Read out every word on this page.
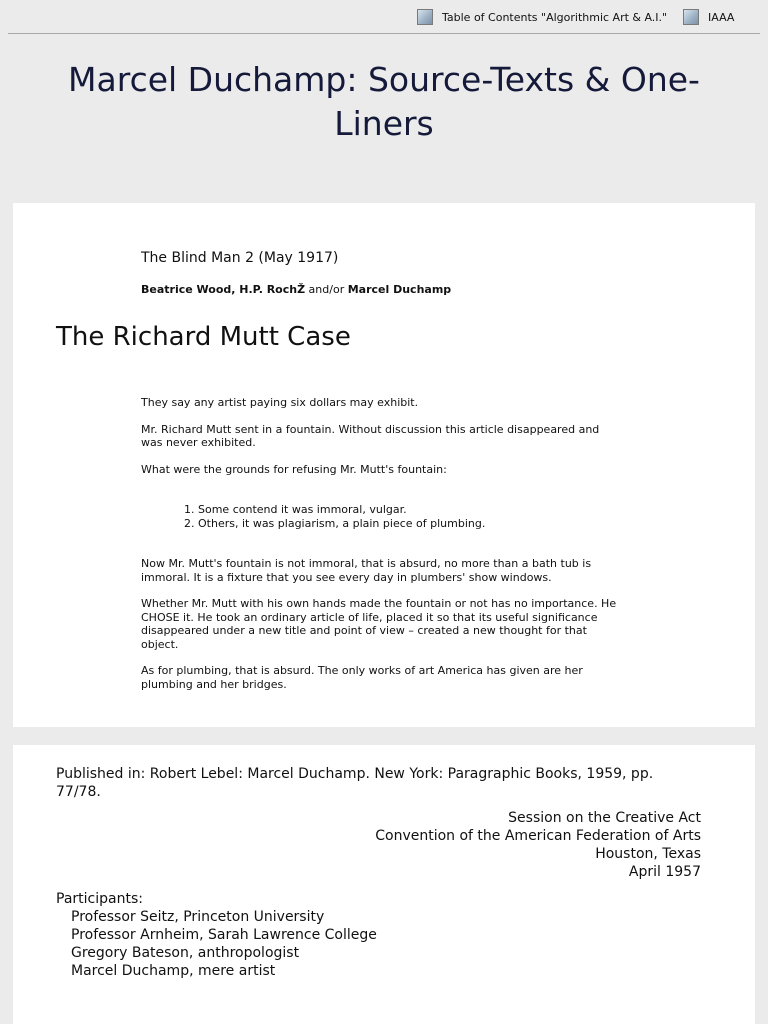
Table of Contents "Algorithmic Art & A.I."	IAAA
Marcel Duchamp: Source-Texts & One-Liners
The Blind Man 2 (May 1917)
Beatrice Wood, H.P. RochŽ and/or Marcel Duchamp
The Richard Mutt Case

They say any artist paying six dollars may exhibit.

Mr. Richard Mutt sent in a fountain. Without discussion this article disappeared and was never exhibited.

What were the grounds for refusing Mr. Mutt's fountain:

1. Some contend it was immoral, vulgar.
2. Others, it was plagiarism, a plain piece of plumbing.

Now Mr. Mutt's fountain is not immoral, that is absurd, no more than a bath tub is immoral. It is a fixture that you see every day in plumbers' show windows.

Whether Mr. Mutt with his own hands made the fountain or not has no importance. He CHOSE it. He took an ordinary article of life, placed it so that its useful significance disappeared under a new title and point of view – created a new thought for that object.

As for plumbing, that is absurd. The only works of art America has given are her plumbing and her bridges.

Published in: Robert Lebel: Marcel Duchamp. New York: Paragraphic Books, 1959, pp. 77/78.
Session on the Creative Act
Convention of the American Federation of Arts
Houston, Texas
April 1957
Participants:
Professor Seitz, Princeton University
Professor Arnheim, Sarah Lawrence College
Gregory Bateson, anthropologist
Marcel Duchamp, mere artist
